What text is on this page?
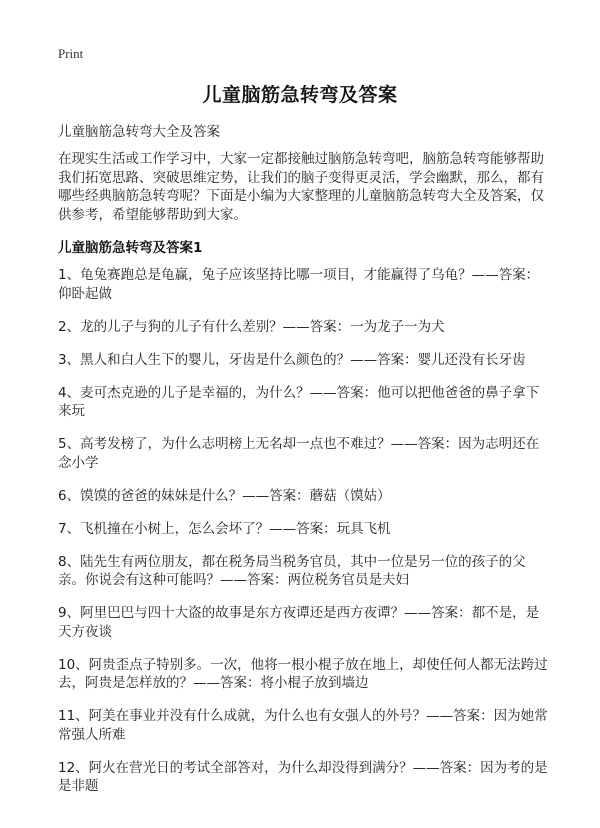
Print
儿童脑筋急转弯及答案
儿童脑筋急转弯大全及答案

在现实生活或工作学习中，大家一定都接触过脑筋急转弯吧，脑筋急转弯能够帮助我们拓宽思路、突破思维定势，让我们的脑子变得更灵活，学会幽默，那么，都有哪些经典脑筋急转弯呢？下面是小编为大家整理的儿童脑筋急转弯大全及答案，仅供参考，希望能够帮助到大家。

儿童脑筋急转弯及答案1
1、龟兔赛跑总是龟赢，兔子应该坚持比哪一项目，才能赢得了乌龟？——答案：仰卧起做
2、龙的儿子与狗的儿子有什么差别？——答案：一为龙子一为犬
3、黑人和白人生下的婴儿，牙齿是什么颜色的？——答案：婴儿还没有长牙齿
4、麦可杰克逊的儿子是幸福的，为什么？——答案：他可以把他爸爸的鼻子拿下来玩
5、高考发榜了，为什么志明榜上无名却一点也不难过？——答案：因为志明还在念小学
6、馍馍的爸爸的妹妹是什么？——答案：蘑菇（馍姑）
7、飞机撞在小树上，怎么会坏了？——答案：玩具飞机
8、陆先生有两位朋友，都在税务局当税务官员，其中一位是另一位的孩子的父亲。你说会有这种可能吗？——答案：两位税务官员是夫妇
9、阿里巴巴与四十大盗的故事是东方夜谭还是西方夜谭？——答案：都不是，是天方夜谈
10、阿贵歪点子特别多。一次，他将一根小棍子放在地上，却使任何人都无法跨过去，阿贵是怎样放的？——答案：将小棍子放到墙边
11、阿美在事业并没有什么成就，为什么也有女强人的外号？——答案：因为她常常强人所难
12、阿火在营光日的考试全部答对，为什么却没得到满分？——答案：因为考的是是非题
